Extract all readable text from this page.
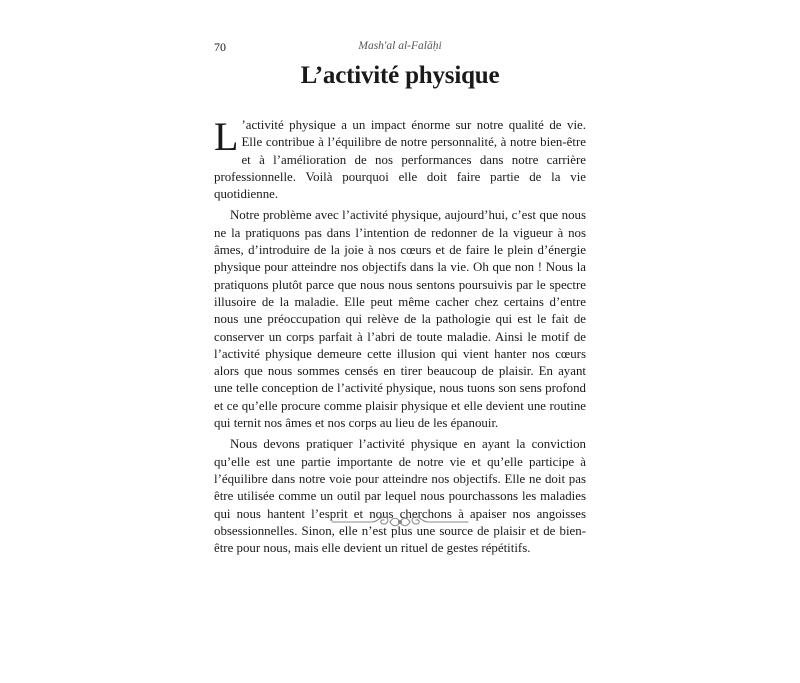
70	Mash'al al-Falāḥi
L’activité physique

L ’activité physique a un impact énorme sur notre qualité de vie. Elle contribue à l’équilibre de notre personnalité, à notre bien-être et à l’amélioration de nos performances dans notre carrière professionnelle. Voilà pourquoi elle doit faire partie de la vie quotidienne.

Notre problème avec l’activité physique, aujourd’hui, c’est que nous ne la pratiquons pas dans l’intention de redonner de la vigueur à nos âmes, d’introduire de la joie à nos cœurs et de faire le plein d’énergie physique pour atteindre nos objectifs dans la vie. Oh que non ! Nous la pratiquons plutôt parce que nous nous sentons poursuivis par le spectre illusoire de la maladie. Elle peut même cacher chez certains d’entre nous une préoccupation qui relève de la pathologie qui est le fait de conserver un corps parfait à l’abri de toute maladie. Ainsi le motif de l’activité physique demeure cette illusion qui vient hanter nos cœurs alors que nous sommes censés en tirer beaucoup de plaisir. En ayant une telle conception de l’activité physique, nous tuons son sens profond et ce qu’elle procure comme plaisir physique et elle devient une routine qui ternit nos âmes et nos corps au lieu de les épanouir.

Nous devons pratiquer l’activité physique en ayant la conviction qu’elle est une partie importante de notre vie et qu’elle participe à l’équilibre dans notre voie pour atteindre nos objectifs. Elle ne doit pas être utilisée comme un outil par lequel nous pourchassons les maladies qui nous hantent l’esprit et nous cherchons à apaiser nos angoisses obsessionnelles. Sinon, elle n’est plus une source de plaisir et de bien-être pour nous, mais elle devient un rituel de gestes répétitifs.
